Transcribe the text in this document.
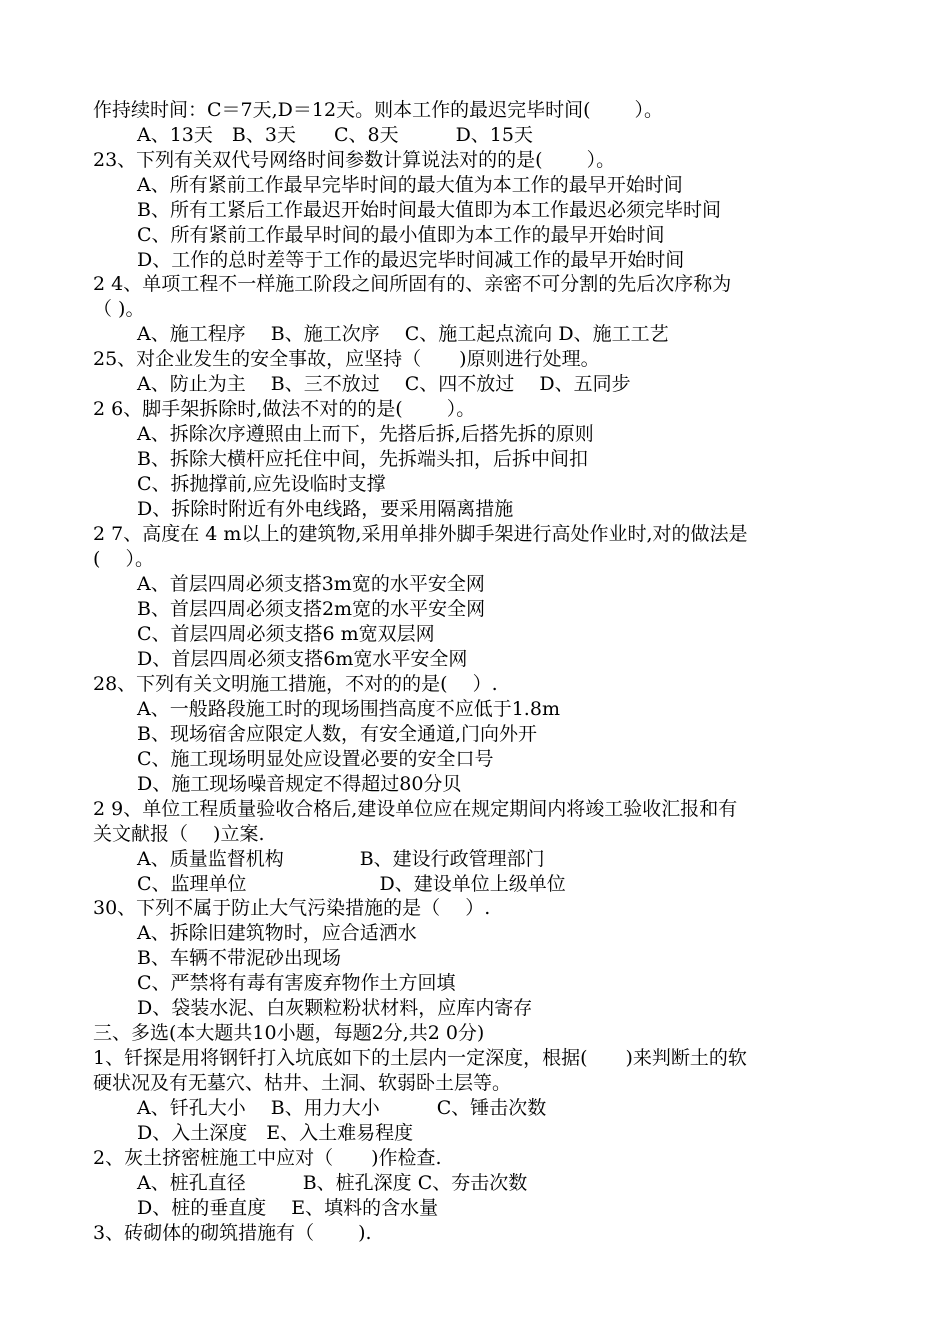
作持续时间：C＝7天,D＝12天。则本工作的最迟完毕时间(　　 ）。
A、13天　B、3天　　C、8天　　　D、15天
23、下列有关双代号网络时间参数计算说法对的的是(　　 ）。
A、所有紧前工作最早完毕时间的最大值为本工作的最早开始时间
B、所有工紧后工作最迟开始时间最大值即为本工作最迟必须完毕时间
C、所有紧前工作最早时间的最小值即为本工作的最早开始时间
D、工作的总时差等于工作的最迟完毕时间减工作的最早开始时间
2 4、单项工程不一样施工阶段之间所固有的、亲密不可分割的先后次序称为
（ )。
A、施工程序　 B、施工次序　 C、施工起点流向 D、施工工艺
25、对企业发生的安全事故，应坚持（　　)原则进行处理。
A、防止为主　 B、三不放过　 C、四不放过　 D、五同步
2 6、脚手架拆除时,做法不对的的是(　　 ）。
A、拆除次序遵照由上而下，先搭后拆,后搭先拆的原则
B、拆除大横杆应托住中间，先拆端头扣，后拆中间扣
C、拆抛撑前,应先设临时支撑
D、拆除时附近有外电线路，要采用隔离措施
2 7、高度在 4 m以上的建筑物,采用单排外脚手架进行高处作业时,对的做法是
(　 ）。
A、首层四周必须支搭3m宽的水平安全网
B、首层四周必须支搭2m宽的水平安全网
C、首层四周必须支搭6 m宽双层网
D、首层四周必须支搭6m宽水平安全网
28、下列有关文明施工措施，不对的的是(　 ）.
A、一般路段施工时的现场围挡高度不应低于1.8m
B、现场宿舍应限定人数，有安全通道,门向外开
C、施工现场明显处应设置必要的安全口号
D、施工现场噪音规定不得超过80分贝
2 9、单位工程质量验收合格后,建设单位应在规定期间内将竣工验收汇报和有
关文献报（　 )立案.
A、质量监督机构　　　　B、建设行政管理部门
C、监理单位　　　　　　　D、建设单位上级单位
30、下列不属于防止大气污染措施的是（　 ）.
A、拆除旧建筑物时，应合适洒水
B、车辆不带泥砂出现场
C、严禁将有毒有害废弃物作土方回填
D、袋装水泥、白灰颗粒粉状材料，应库内寄存
三、多选(本大题共10小题，每题2分,共2 0分)
1、钎探是用将钢钎打入坑底如下的土层内一定深度，根据(　　)来判断土的软
硬状况及有无墓穴、枯井、土洞、软弱卧土层等。
A、钎孔大小　 B、用力大小　　　C、锤击次数
D、入土深度　E、入土难易程度
2、灰土挤密桩施工中应对（　　)作检查.
A、桩孔直径　　　B、桩孔深度 C、夯击次数
D、桩的垂直度　 E、填料的含水量
3、砖砌体的砌筑措施有（　　 ).
